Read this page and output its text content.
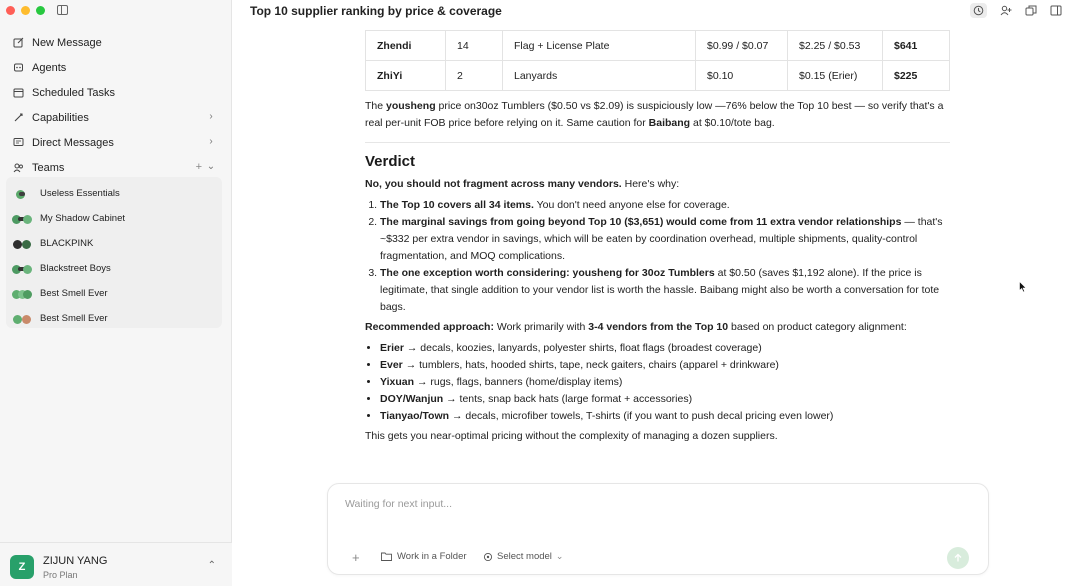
New Message
Agents
Scheduled Tasks
Capabilities	›
Direct Messages	›
Teams	+ ⌄
Useless Essentials
My Shadow Cabinet
BLACKPINK
Blackstreet Boys
Best Smell Ever
Best Smell Ever
Z	ZIJUN YANG
Pro Plan
⌃
Top 10 supplier ranking by price & coverage
Zhendi	14	Flag + License Plate	$0.99 / $0.07	$2.25 / $0.53	$641
ZhiYi	2	Lanyards	$0.10	$0.15 (Erier)	$225

The yousheng price on30oz Tumblers ($0.50 vs $2.09) is suspiciously low —76% below the Top 10 best — so verify that's a real per-unit FOB price before relying on it. Same caution for Baibang at $0.10/tote bag.

Verdict

No, you should not fragment across many vendors. Here's why:

1. The Top 10 covers all 34 items. You don't need anyone else for coverage.
2. The marginal savings from going beyond Top 10 ($3,651) would come from 11 extra vendor relationships — that's ~$332 per extra vendor in savings, which will be eaten by coordination overhead, multiple shipments, quality-control fragmentation, and MOQ complications.
3. The one exception worth considering: yousheng for 30oz Tumblers at $0.50 (saves $1,192 alone). If the price is legitimate, that single addition to your vendor list is worth the hassle. Baibang might also be worth a conversation for tote bags.

Recommended approach: Work primarily with 3-4 vendors from the Top 10 based on product category alignment:

• Erier → decals, koozies, lanyards, polyester shirts, float flags (broadest coverage)
• Ever → tumblers, hats, hooded shirts, tape, neck gaiters, chairs (apparel + drinkware)
• Yixuan → rugs, flags, banners (home/display items)
• DOY/Wanjun → tents, snap back hats (large format + accessories)
• Tianyao/Town → decals, microfiber towels, T-shirts (if you want to push decal pricing even lower)

This gets you near-optimal pricing without the complexity of managing a dozen suppliers.

Waiting for next input...
+	Work in a Folder	Select model ⌄
